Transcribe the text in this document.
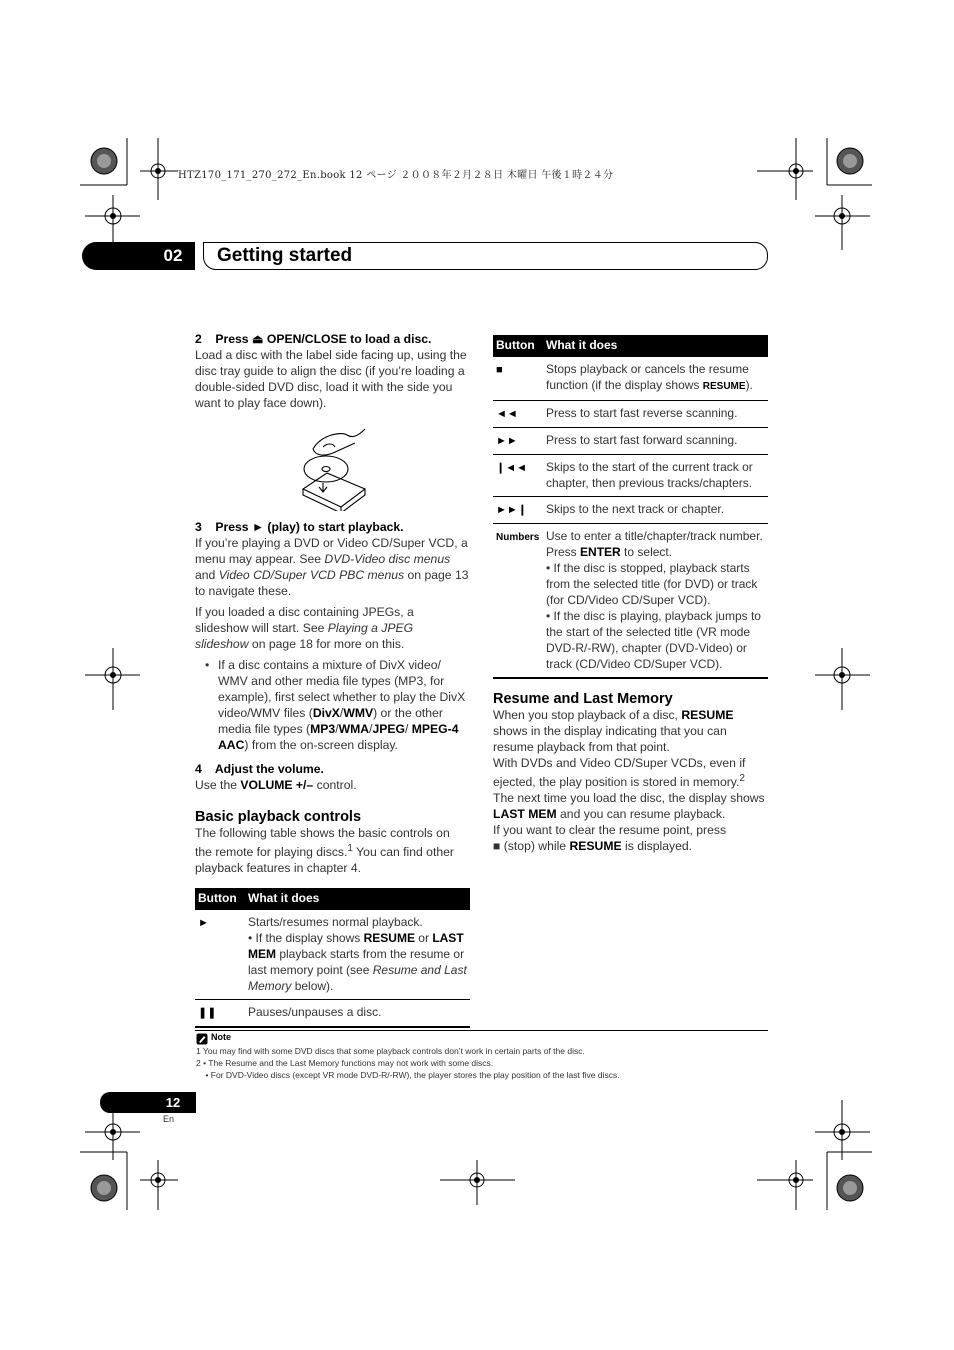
HTZ170_171_270_272_En.book 12 ページ ２００８年２月２８日 木曜日 午後１時２４分
02	Getting started
2 Press ⏏ OPEN/CLOSE to load a disc.
Load a disc with the label side facing up, using the disc tray guide to align the disc (if you’re loading a double-sided DVD disc, load it with the side you want to play face down).
3 Press ► (play) to start playback.
If you’re playing a DVD or Video CD/Super VCD, a menu may appear. See DVD-Video disc menus and Video CD/Super VCD PBC menus on page 13 to navigate these.
If you loaded a disc containing JPEGs, a slideshow will start. See Playing a JPEG slideshow on page 18 for more on this.
• If a disc contains a mixture of DivX video/ WMV and other media file types (MP3, for example), first select whether to play the DivX video/WMV files (DivX/WMV) or the other media file types (MP3/WMA/JPEG/ MPEG-4 AAC) from the on-screen display.
4 Adjust the volume.
Use the VOLUME +/– control.
Basic playback controls
The following table shows the basic controls on the remote for playing discs.$^1$ You can find other playback features in chapter 4.
Button	What it does
►	Starts/resumes normal playback.
• If the display shows RESUME or LAST MEM playback starts from the resume or last memory point (see Resume and Last Memory below).
❚❚	Pauses/unpauses a disc.
Button	What it does
■	Stops playback or cancels the resume function (if the display shows RESUME).
◄◄	Press to start fast reverse scanning.
►►	Press to start fast forward scanning.
❙◄◄	Skips to the start of the current track or chapter, then previous tracks/chapters.
►►❙	Skips to the next track or chapter.
Numbers	Use to enter a title/chapter/track number. Press ENTER to select.
• If the disc is stopped, playback starts from the selected title (for DVD) or track (for CD/Video CD/Super VCD).
• If the disc is playing, playback jumps to the start of the selected title (VR mode DVD-R/-RW), chapter (DVD-Video) or track (CD/Video CD/Super VCD).
Resume and Last Memory
When you stop playback of a disc, RESUME shows in the display indicating that you can resume playback from that point.
With DVDs and Video CD/Super VCDs, even if ejected, the play position is stored in memory.$^2$
The next time you load the disc, the display shows LAST MEM and you can resume playback.
If you want to clear the resume point, press
■ (stop) while RESUME is displayed.
Note
1 You may find with some DVD discs that some playback controls don’t work in certain parts of the disc.
2 • The Resume and the Last Memory functions may not work with some discs.
• For DVD-Video discs (except VR mode DVD-R/-RW), the player stores the play position of the last five discs.
12
En
